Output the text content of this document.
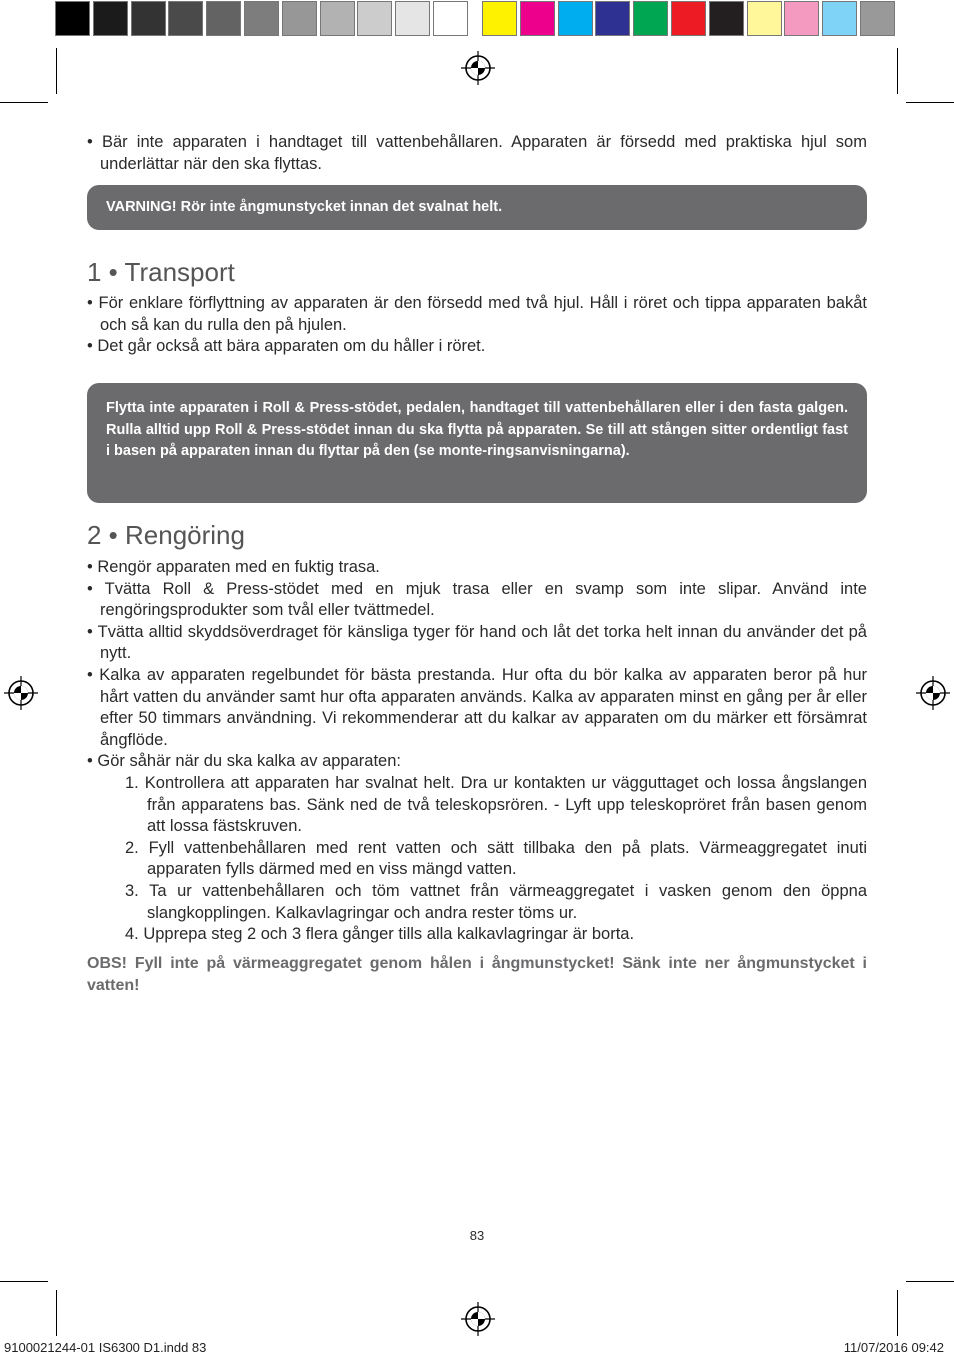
• Bär inte apparaten i handtaget till vattenbehållaren. Apparaten är försedd med praktiska hjul som underlättar när den ska flyttas.

VARNING! Rör inte ångmunstycket innan det svalnat helt.
1 • Transport

• För enklare förflyttning av apparaten är den försedd med två hjul. Håll i röret och tippa apparaten bakåt och så kan du rulla den på hjulen.

• Det går också att bära apparaten om du håller i röret.

Flytta inte apparaten i Roll & Press-stödet, pedalen, handtaget till vattenbehållaren eller i den fasta galgen. Rulla alltid upp Roll & Press-stödet innan du ska flytta på apparaten. Se till att stången sitter ordentligt fast i basen på apparaten innan du flyttar på den (se monte-ringsanvisningarna).
2 • Rengöring

• Rengör apparaten med en fuktig trasa.

• Tvätta Roll & Press-stödet med en mjuk trasa eller en svamp som inte slipar. Använd inte rengöringsprodukter som tvål eller tvättmedel.

• Tvätta alltid skyddsöverdraget för känsliga tyger för hand och låt det torka helt innan du använder det på nytt.

• Kalka av apparaten regelbundet för bästa prestanda. Hur ofta du bör kalka av apparaten beror på hur hårt vatten du använder samt hur ofta apparaten används. Kalka av apparaten minst en gång per år eller efter 50 timmars användning. Vi rekommenderar att du kalkar av apparaten om du märker ett försämrat ångflöde.

• Gör såhär när du ska kalka av apparaten:

1. Kontrollera att apparaten har svalnat helt. Dra ur kontakten ur vägguttaget och lossa ångslangen från apparatens bas. Sänk ned de två teleskopsrören. - Lyft upp teleskopröret från basen genom att lossa fästskruven.

2. Fyll vattenbehållaren med rent vatten och sätt tillbaka den på plats. Värmeaggregatet inuti apparaten fylls därmed med en viss mängd vatten.

3. Ta ur vattenbehållaren och töm vattnet från värmeaggregatet i vasken genom den öppna slangkopplingen. Kalkavlagringar och andra rester töms ur.

4. Upprepa steg 2 och 3 flera gånger tills alla kalkavlagringar är borta.

OBS! Fyll inte på värmeaggregatet genom hålen i ångmunstycket! Sänk inte ner ångmunstycket i vatten!

83
9100021244-01 IS6300 D1.indd 83	11/07/2016 09:42
